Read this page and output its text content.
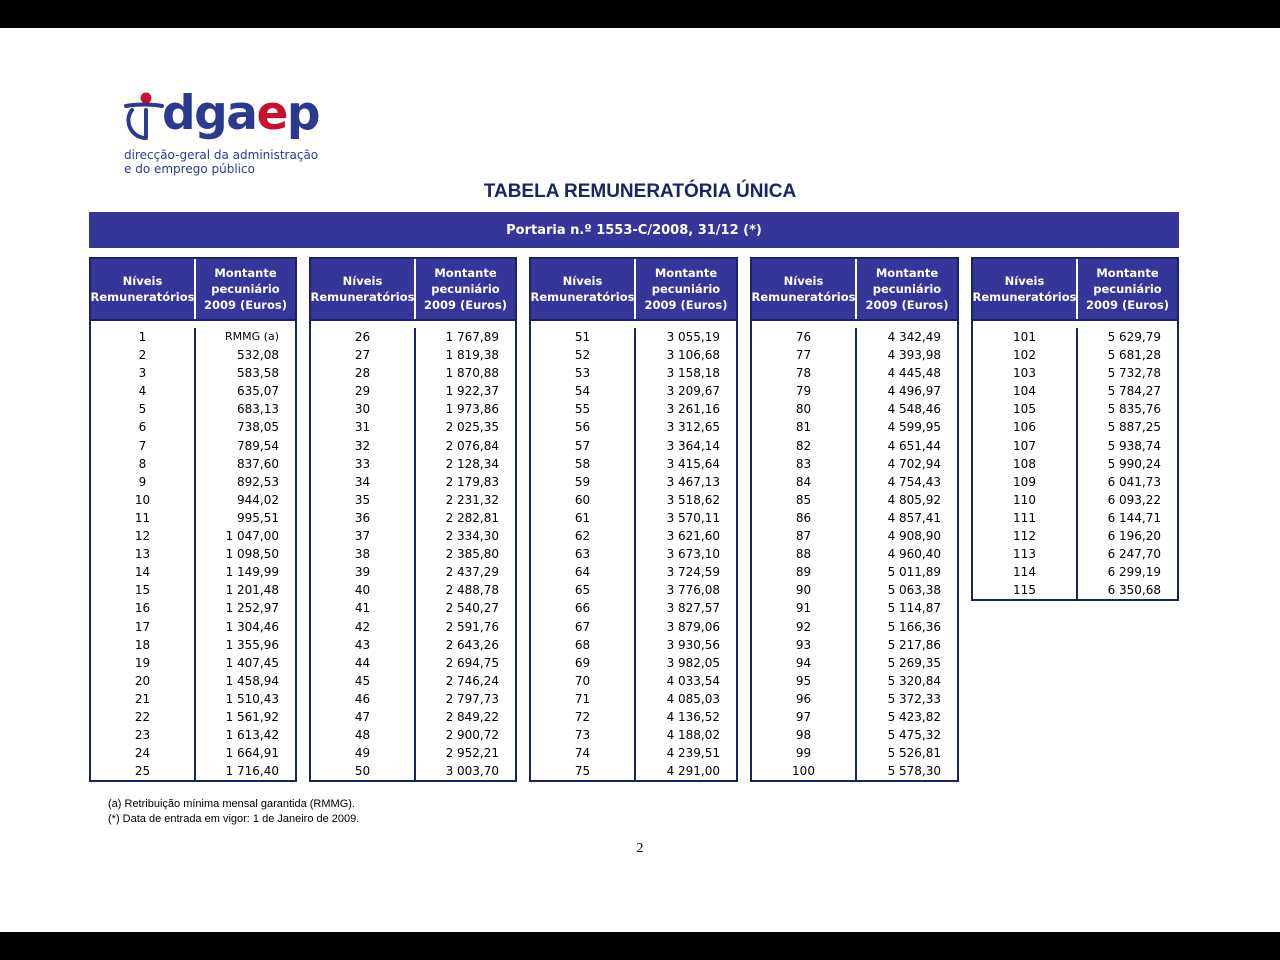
dgaep
direcção-geral da administração
e do emprego público
TABELA REMUNERATÓRIA ÚNICA
Portaria n.º 1553-C/2008, 31/12 (*)
Níveis
Remuneratórios
Montante
pecuniário
2009 (Euros)
1
2
3
4
5
6
7
8
9
10
11
12
13
14
15
16
17
18
19
20
21
22
23
24
25
RMMG (a)
532,08
583,58
635,07
683,13
738,05
789,54
837,60
892,53
944,02
995,51
1 047,00
1 098,50
1 149,99
1 201,48
1 252,97
1 304,46
1 355,96
1 407,45
1 458,94
1 510,43
1 561,92
1 613,42
1 664,91
1 716,40
Níveis
Remuneratórios
Montante
pecuniário
2009 (Euros)
26
27
28
29
30
31
32
33
34
35
36
37
38
39
40
41
42
43
44
45
46
47
48
49
50
1 767,89
1 819,38
1 870,88
1 922,37
1 973,86
2 025,35
2 076,84
2 128,34
2 179,83
2 231,32
2 282,81
2 334,30
2 385,80
2 437,29
2 488,78
2 540,27
2 591,76
2 643,26
2 694,75
2 746,24
2 797,73
2 849,22
2 900,72
2 952,21
3 003,70
Níveis
Remuneratórios
Montante
pecuniário
2009 (Euros)
51
52
53
54
55
56
57
58
59
60
61
62
63
64
65
66
67
68
69
70
71
72
73
74
75
3 055,19
3 106,68
3 158,18
3 209,67
3 261,16
3 312,65
3 364,14
3 415,64
3 467,13
3 518,62
3 570,11
3 621,60
3 673,10
3 724,59
3 776,08
3 827,57
3 879,06
3 930,56
3 982,05
4 033,54
4 085,03
4 136,52
4 188,02
4 239,51
4 291,00
Níveis
Remuneratórios
Montante
pecuniário
2009 (Euros)
76
77
78
79
80
81
82
83
84
85
86
87
88
89
90
91
92
93
94
95
96
97
98
99
100
4 342,49
4 393,98
4 445,48
4 496,97
4 548,46
4 599,95
4 651,44
4 702,94
4 754,43
4 805,92
4 857,41
4 908,90
4 960,40
5 011,89
5 063,38
5 114,87
5 166,36
5 217,86
5 269,35
5 320,84
5 372,33
5 423,82
5 475,32
5 526,81
5 578,30
Níveis
Remuneratórios
Montante
pecuniário
2009 (Euros)
101
102
103
104
105
106
107
108
109
110
111
112
113
114
115
5 629,79
5 681,28
5 732,78
5 784,27
5 835,76
5 887,25
5 938,74
5 990,24
6 041,73
6 093,22
6 144,71
6 196,20
6 247,70
6 299,19
6 350,68
(a) Retribuição mínima mensal garantida (RMMG).
(*) Data de entrada em vigor: 1 de Janeiro de 2009.
2
